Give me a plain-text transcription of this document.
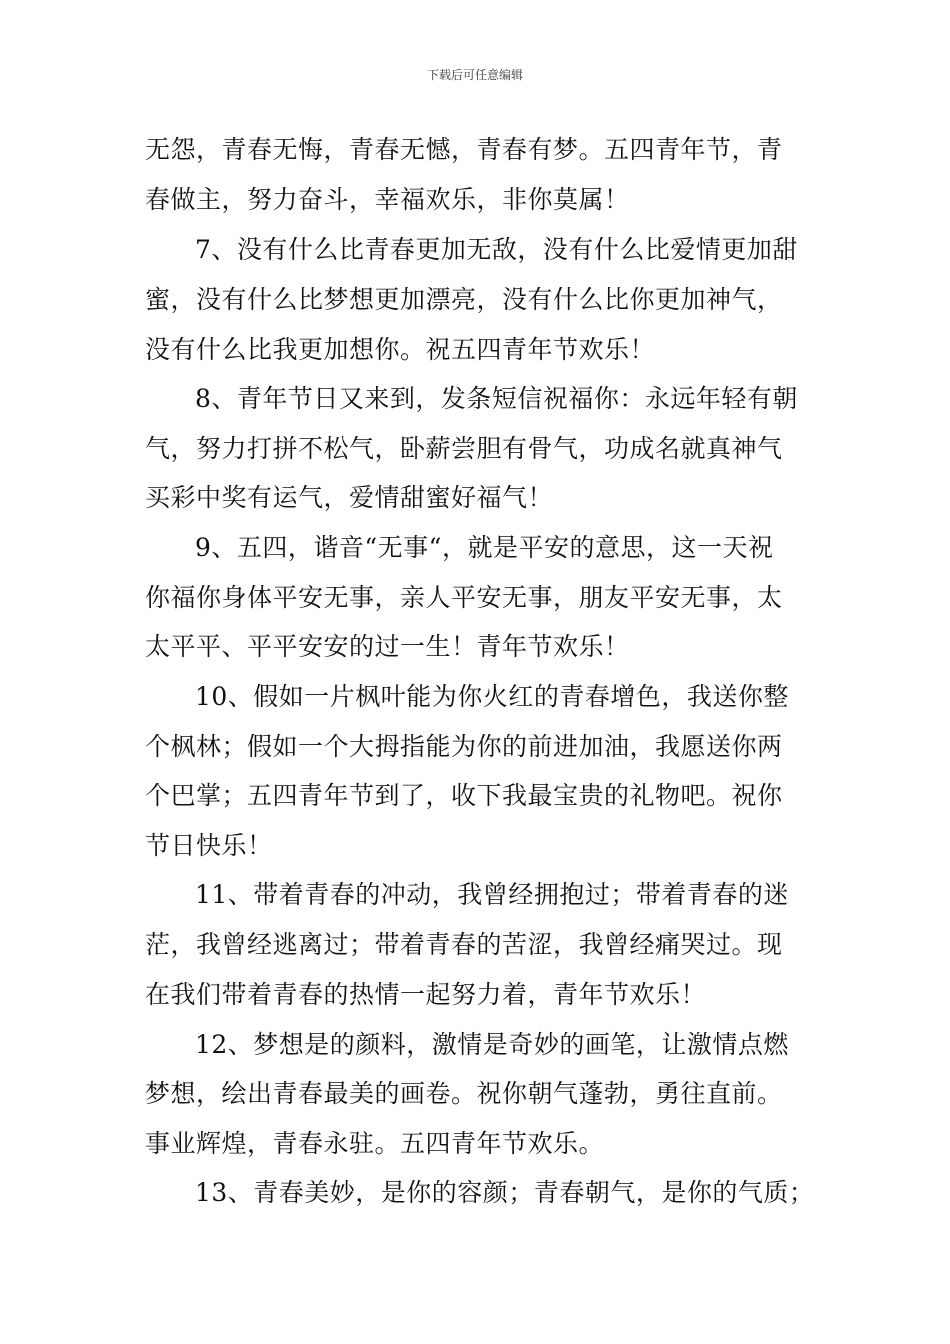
下载后可任意编辑
无怨，青春无悔，青春无憾，青春有梦。五四青年节，青
春做主，努力奋斗，幸福欢乐，非你莫属！
7、没有什么比青春更加无敌，没有什么比爱情更加甜
蜜，没有什么比梦想更加漂亮，没有什么比你更加神气，
没有什么比我更加想你。祝五四青年节欢乐！
8、青年节日又来到，发条短信祝福你：永远年轻有朝
气，努力打拼不松气，卧薪尝胆有骨气，功成名就真神气
买彩中奖有运气，爱情甜蜜好福气！
9、五四，谐音“无事“，就是平安的意思，这一天祝
你福你身体平安无事，亲人平安无事，朋友平安无事，太
太平平、平平安安的过一生！青年节欢乐！
10、假如一片枫叶能为你火红的青春增色，我送你整
个枫林；假如一个大拇指能为你的前进加油，我愿送你两
个巴掌；五四青年节到了，收下我最宝贵的礼物吧。祝你
节日快乐！
11、带着青春的冲动，我曾经拥抱过；带着青春的迷
茫，我曾经逃离过；带着青春的苦涩，我曾经痛哭过。现
在我们带着青春的热情一起努力着，青年节欢乐！
12、梦想是的颜料，激情是奇妙的画笔，让激情点燃
梦想，绘出青春最美的画卷。祝你朝气蓬勃，勇往直前。
事业辉煌，青春永驻。五四青年节欢乐。
13、青春美妙，是你的容颜；青春朝气，是你的气质；
